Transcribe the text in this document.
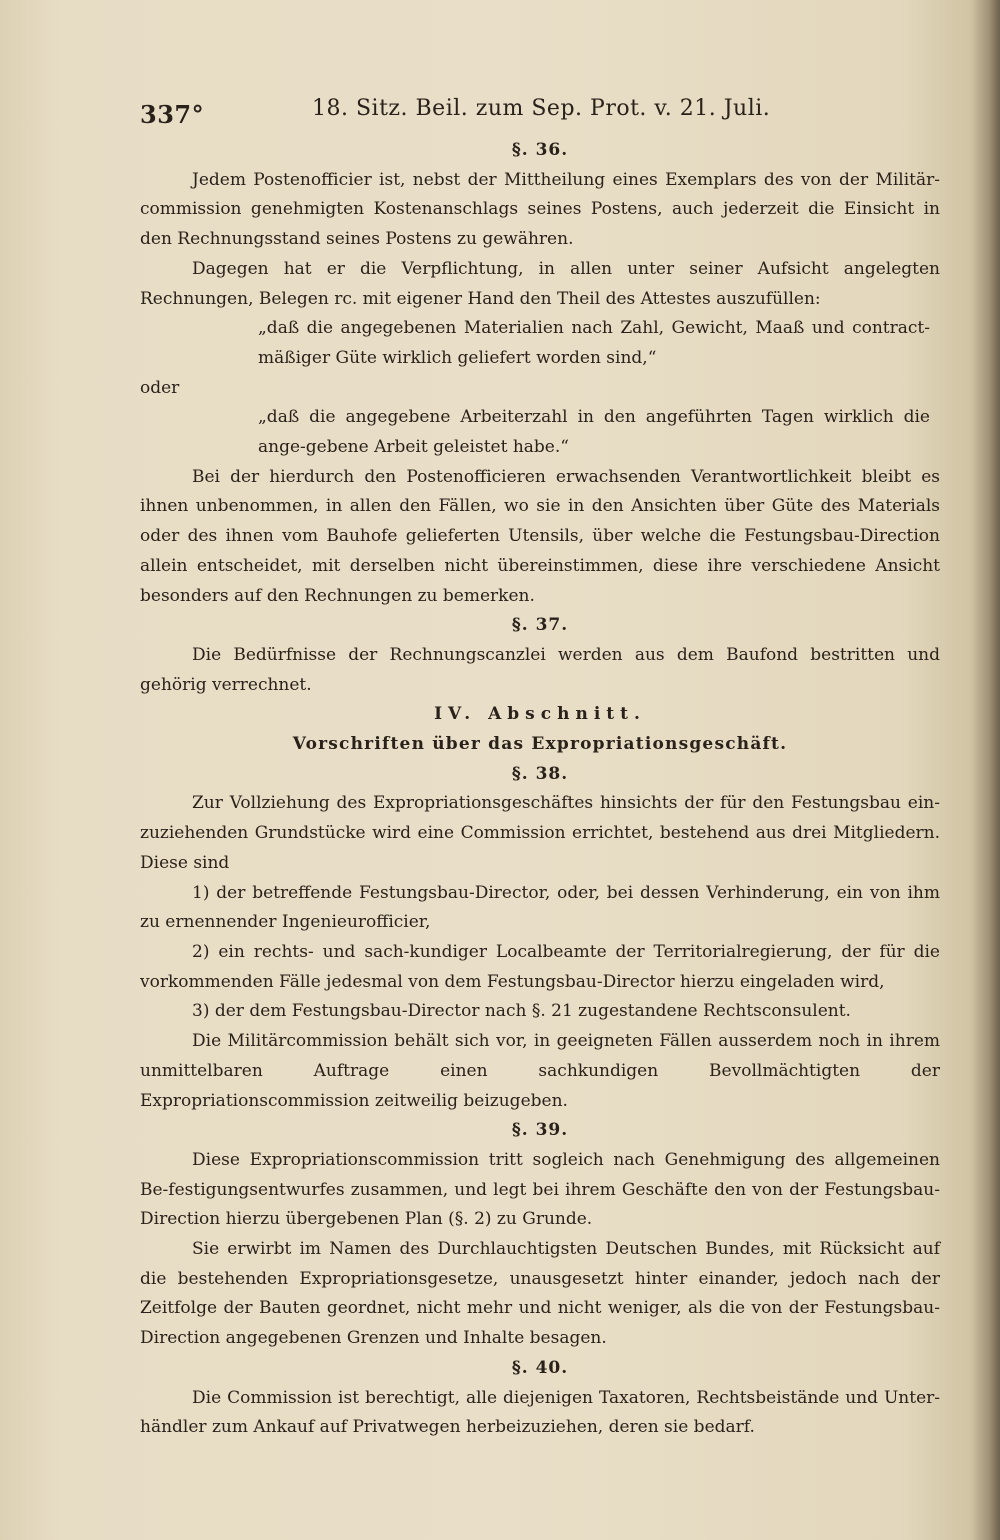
337°	18. Sitz. Beil. zum Sep. Prot. v. 21. Juli.

§. 36.

Jedem Postenofficier ist, nebst der Mittheilung eines Exemplars des von der Militär-commission genehmigten Kostenanschlags seines Postens, auch jederzeit die Einsicht in den Rechnungsstand seines Postens zu gewähren.

Dagegen hat er die Verpflichtung, in allen unter seiner Aufsicht angelegten Rechnungen, Belegen rc. mit eigener Hand den Theil des Attestes auszufüllen:

„daß die angegebenen Materialien nach Zahl, Gewicht, Maaß und contract-mäßiger Güte wirklich geliefert worden sind,“

oder

„daß die angegebene Arbeiterzahl in den angeführten Tagen wirklich die ange-gebene Arbeit geleistet habe.“

Bei der hierdurch den Postenofficieren erwachsenden Verantwortlichkeit bleibt es ihnen unbenommen, in allen den Fällen, wo sie in den Ansichten über Güte des Materials oder des ihnen vom Bauhofe gelieferten Utensils, über welche die Festungsbau-Direction allein entscheidet, mit derselben nicht übereinstimmen, diese ihre verschiedene Ansicht besonders auf den Rechnungen zu bemerken.

§. 37.

Die Bedürfnisse der Rechnungscanzlei werden aus dem Baufond bestritten und gehörig verrechnet.

IV. Abschnitt.

Vorschriften über das Expropriationsgeschäft.

§. 38.

Zur Vollziehung des Expropriationsgeschäftes hinsichts der für den Festungsbau ein-zuziehenden Grundstücke wird eine Commission errichtet, bestehend aus drei Mitgliedern. Diese sind

1) der betreffende Festungsbau-Director, oder, bei dessen Verhinderung, ein von ihm zu ernennender Ingenieurofficier,

2) ein rechts- und sach-kundiger Localbeamte der Territorialregierung, der für die vorkommenden Fälle jedesmal von dem Festungsbau-Director hierzu eingeladen wird,

3) der dem Festungsbau-Director nach §. 21 zugestandene Rechtsconsulent.

Die Militärcommission behält sich vor, in geeigneten Fällen ausserdem noch in ihrem unmittelbaren Auftrage einen sachkundigen Bevollmächtigten der Expropriationscommission zeitweilig beizugeben.

§. 39.

Diese Expropriationscommission tritt sogleich nach Genehmigung des allgemeinen Be-festigungsentwurfes zusammen, und legt bei ihrem Geschäfte den von der Festungsbau-Direction hierzu übergebenen Plan (§. 2) zu Grunde.

Sie erwirbt im Namen des Durchlauchtigsten Deutschen Bundes, mit Rücksicht auf die bestehenden Expropriationsgesetze, unausgesetzt hinter einander, jedoch nach der Zeitfolge der Bauten geordnet, nicht mehr und nicht weniger, als die von der Festungsbau-Direction angegebenen Grenzen und Inhalte besagen.

§. 40.

Die Commission ist berechtigt, alle diejenigen Taxatoren, Rechtsbeistände und Unter-händler zum Ankauf auf Privatwegen herbeizuziehen, deren sie bedarf.
